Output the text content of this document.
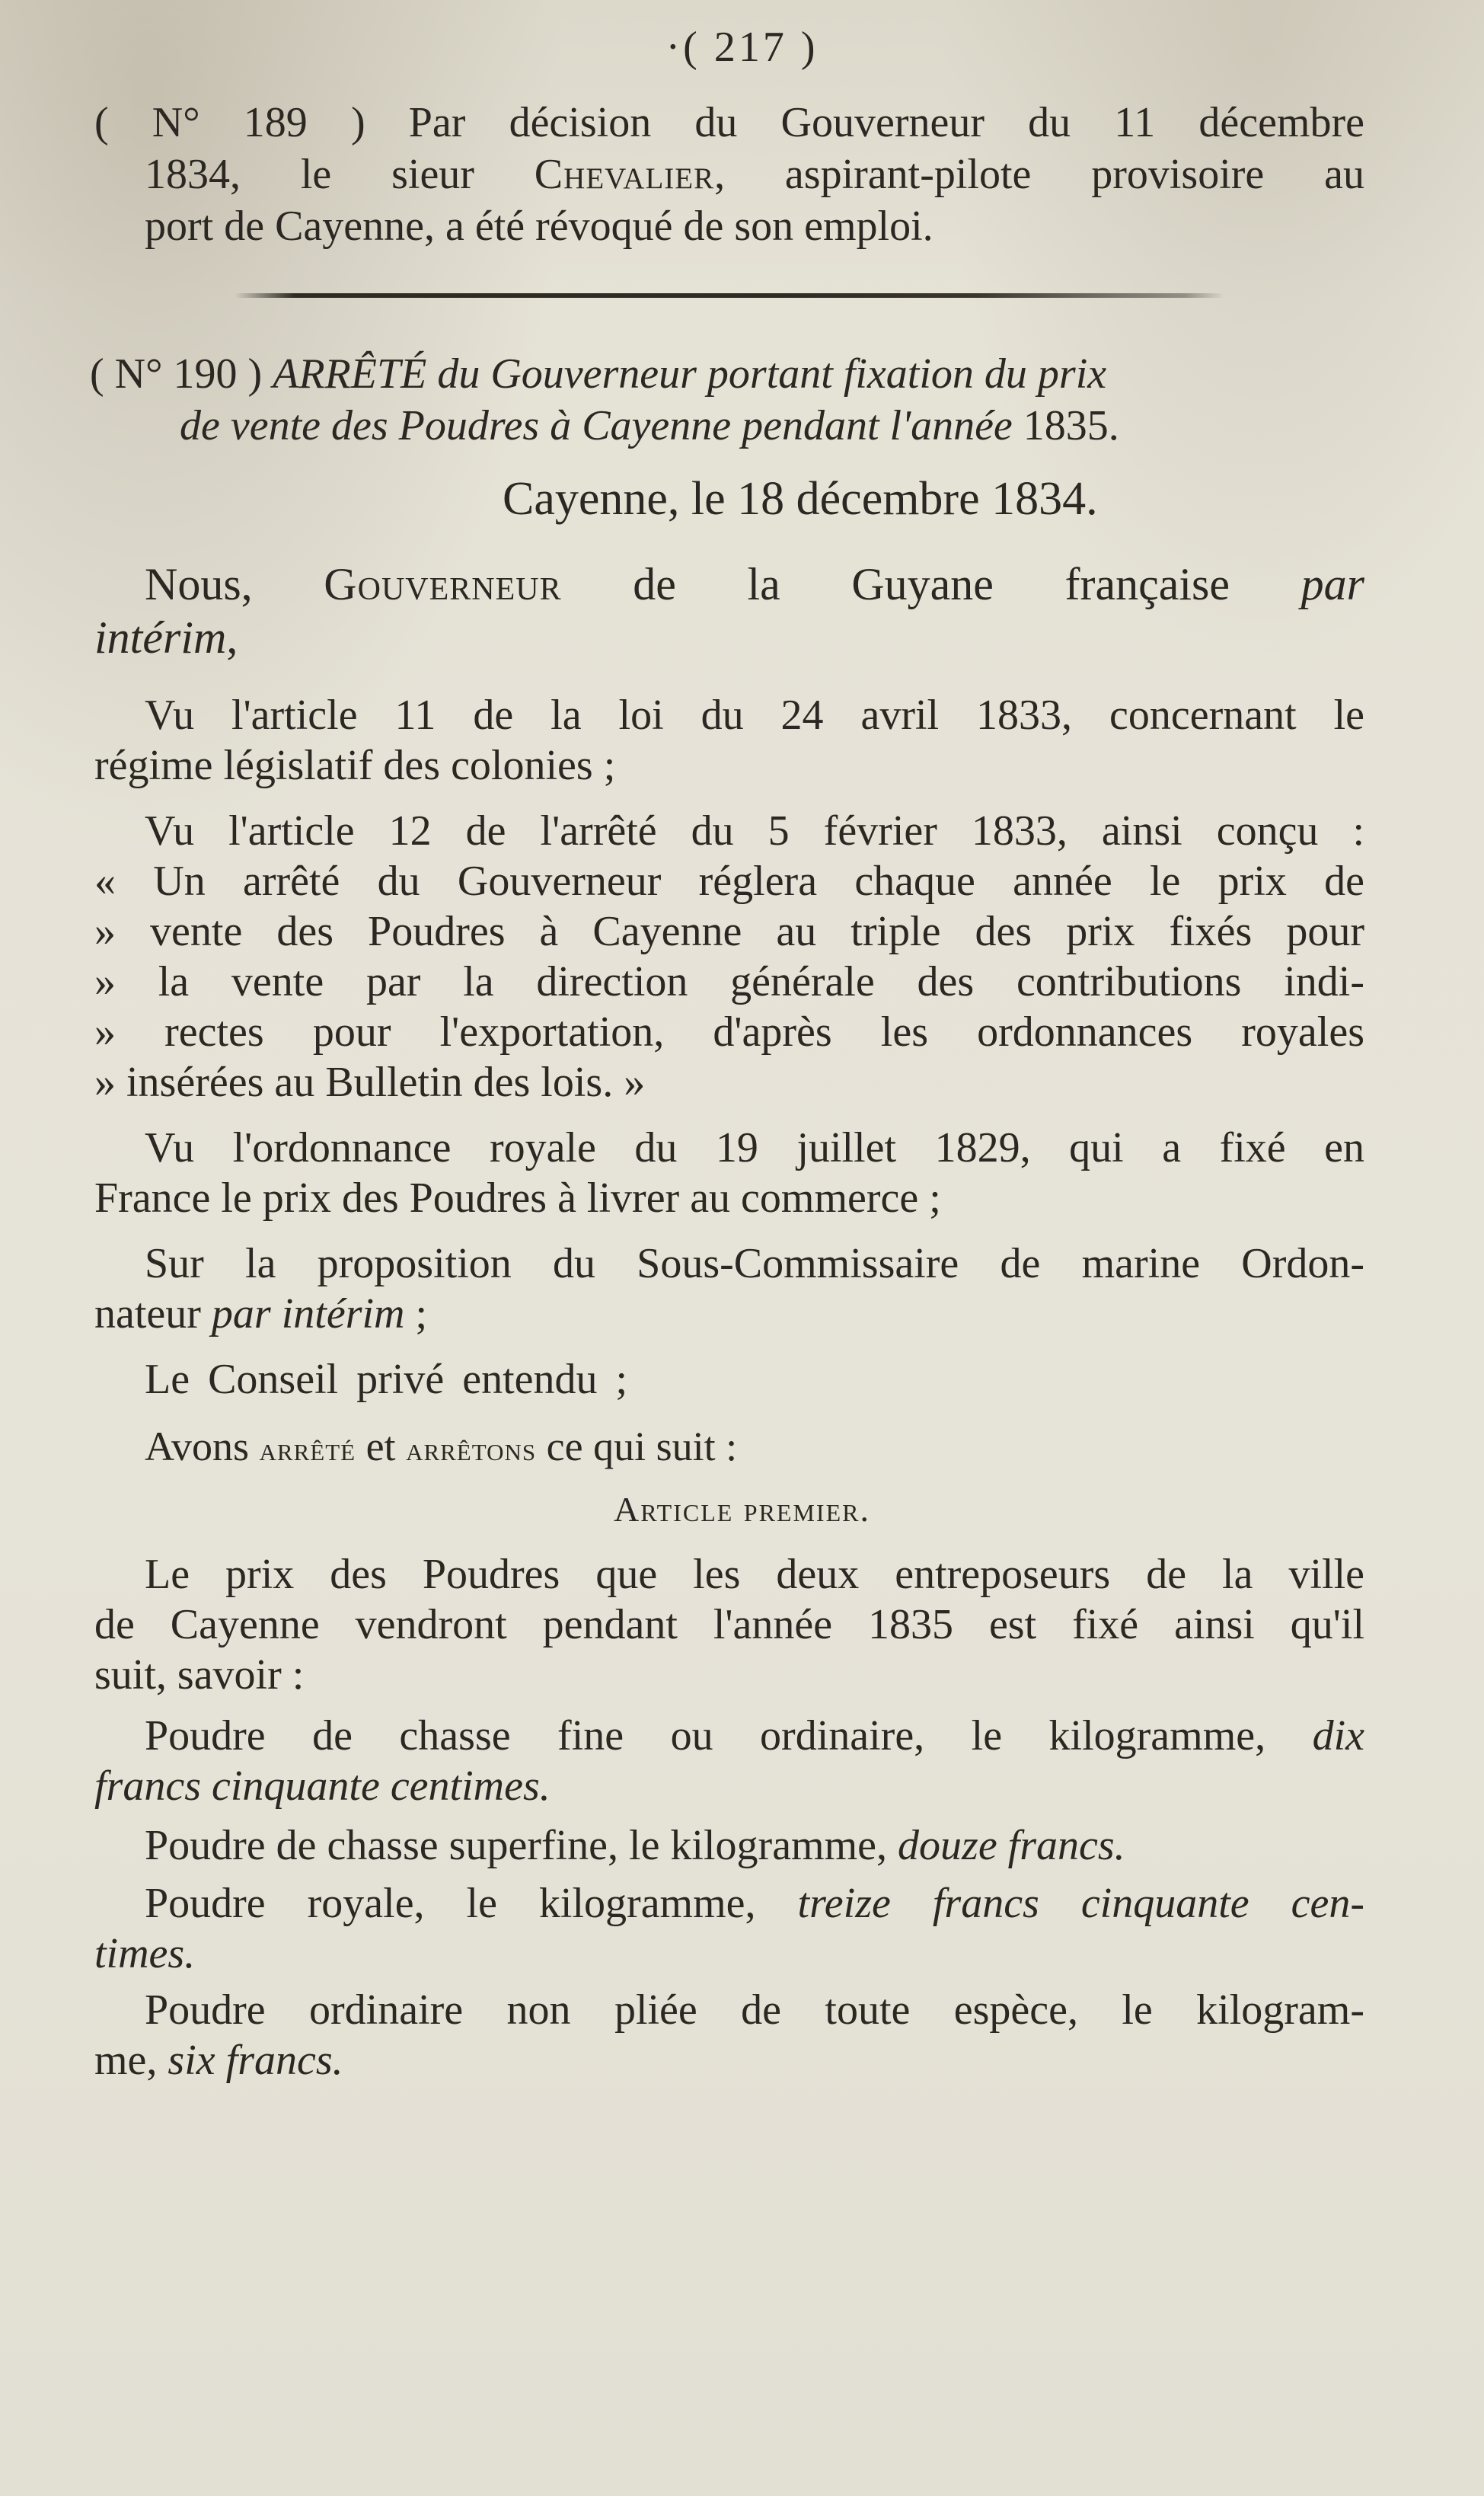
·( 217 )
( N° 189 ) Par décision du Gouverneur du 11 décembre
1834, le sieur Chevalier, aspirant-pilote provisoire au
port de Cayenne, a été révoqué de son emploi.
( N° 190 ) ARRÊTÉ du Gouverneur portant fixation du prix
de vente des Poudres à Cayenne pendant l'année 1835.
Cayenne, le 18 décembre 1834.
Nous, Gouverneur de la Guyane française par
intérim,
Vu l'article 11 de la loi du 24 avril 1833, concernant le
régime législatif des colonies ;
Vu l'article 12 de l'arrêté du 5 février 1833, ainsi conçu :
« Un arrêté du Gouverneur réglera chaque année le prix de
» vente des Poudres à Cayenne au triple des prix fixés pour
» la vente par la direction générale des contributions indi-
» rectes pour l'exportation, d'après les ordonnances royales
» insérées au Bulletin des lois. »
Vu l'ordonnance royale du 19 juillet 1829, qui a fixé en
France le prix des Poudres à livrer au commerce ;
Sur la proposition du Sous-Commissaire de marine Ordon-
nateur par intérim ;
Le Conseil privé entendu ;
Avons arrêté et arrêtons ce qui suit :
Article premier.
Le prix des Poudres que les deux entreposeurs de la ville
de Cayenne vendront pendant l'année 1835 est fixé ainsi qu'il
suit, savoir :
Poudre de chasse fine ou ordinaire, le kilogramme, dix
francs cinquante centimes.
Poudre de chasse superfine, le kilogramme, douze francs.
Poudre royale, le kilogramme, treize francs cinquante cen-
times.
Poudre ordinaire non pliée de toute espèce, le kilogram-
me, six francs.
